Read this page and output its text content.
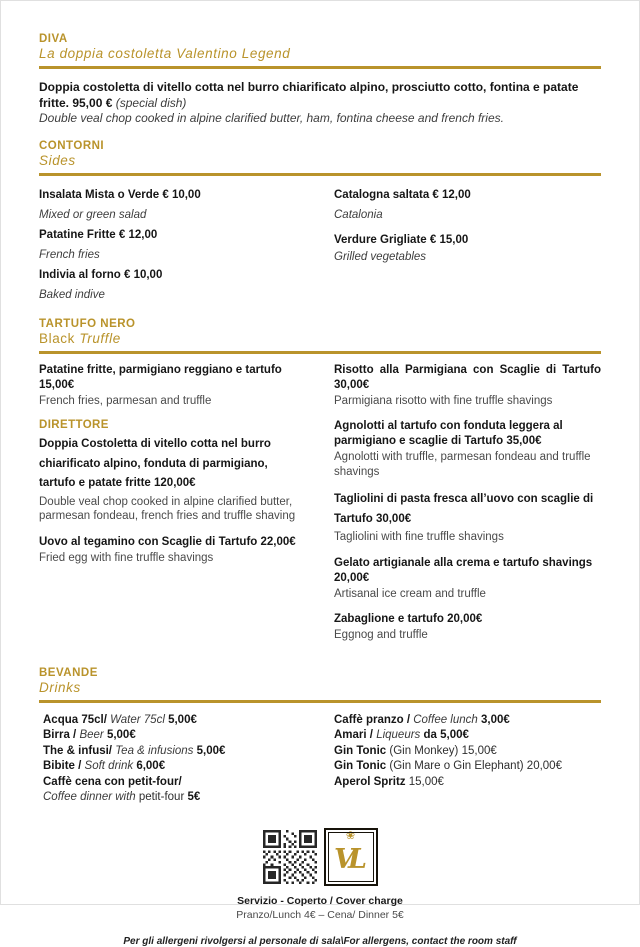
DIVA
La doppia costoletta Valentino Legend

Doppia costoletta di vitello cotta nel burro chiarificato alpino, prosciutto cotto, fontina e patate fritte. 95,00 € (special dish)

Double veal chop cooked in alpine clarified butter, ham, fontina cheese and french fries.

CONTORNI
Sides

Insalata Mista o Verde € 10,00

Mixed or green salad

Patatine Fritte € 12,00

French fries

Indivia al forno € 10,00

Baked indive

Catalogna saltata € 12,00

Catalonia

Verdure Grigliate € 15,00

Grilled vegetables

TARTUFO NERO
Black Truffle

Patatine fritte, parmigiano reggiano e tartufo 15,00€

French fries, parmesan and truffle

DIRETTORE

Doppia Costoletta di vitello cotta nel burro chiarificato alpino, fonduta di parmigiano, tartufo e patate fritte 120,00€

Double veal chop cooked in alpine clarified butter, parmesan fondeau, french fries and truffle shaving

Uovo al tegamino con Scaglie di Tartufo 22,00€

Fried egg with fine truffle shavings

Risotto alla Parmigiana con Scaglie di Tartufo 30,00€

Parmigiana risotto with fine truffle shavings

Agnolotti al tartufo con fonduta leggera al parmigiano e scaglie di Tartufo 35,00€

Agnolotti with truffle, parmesan fondeau and truffle shavings

Tagliolini di pasta fresca all’uovo con scaglie di Tartufo 30,00€

Tagliolini with fine truffle shavings

Gelato artigianale alla crema e tartufo shavings 20,00€

Artisanal ice cream and truffle

Zabaglione e tartufo 20,00€

Eggnog and truffle

BEVANDE
Drinks

Acqua 75cl/ Water 75cl 5,00€

Birra / Beer 5,00€

The & infusi/ Tea & infusions 5,00€

Bibite / Soft drink 6,00€

Caffè cena con petit-four/

Coffee dinner with petit-four 5€

Caffè pranzo / Coffee lunch 3,00€

Amari / Liqueurs da 5,00€

Gin Tonic (Gin Monkey) 15,00€

Gin Tonic (Gin Mare o Gin Elephant) 20,00€

Aperol Spritz 15,00€

❀
VL

Servizio - Coperto / Cover charge

Pranzo/Lunch 4€ – Cena/ Dinner 5€

Per gli allergeni rivolgersi al personale di sala\For allergens, contact the room staff
